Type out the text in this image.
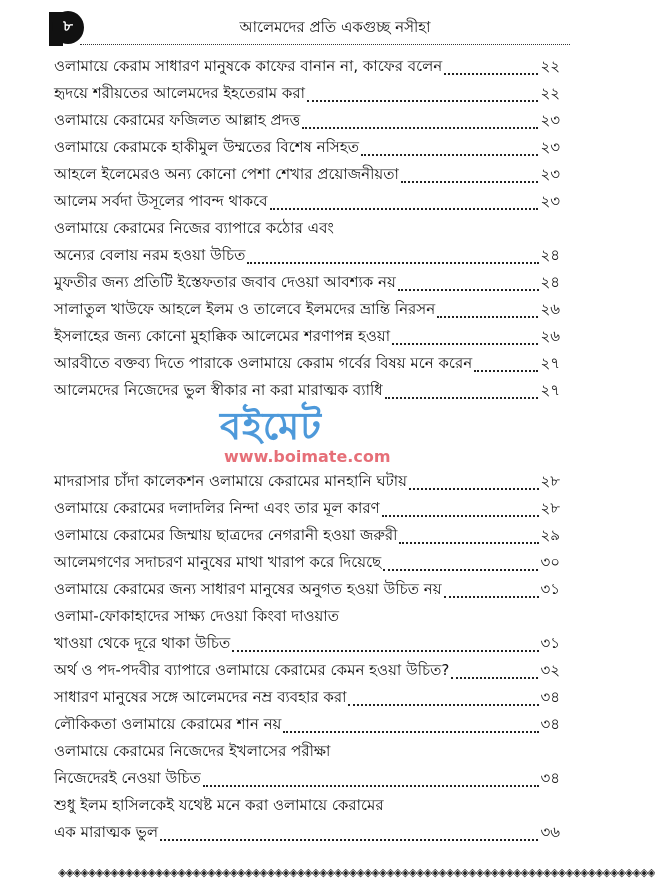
৮	আলেমদের প্রতি একগুচ্ছ নসীহা
ওলামায়ে কেরাম সাধারণ মানুষকে কাফের বানান না, কাফের বলেন	২২
হৃদয়ে শরীয়তের আলেমদের ইহতেরাম করা	২২
ওলামায়ে কেরামের ফজিলত আল্লাহ প্রদত্ত	২৩
ওলামায়ে কেরামকে হাকীমুল উম্মতের বিশেষ নসিহত	২৩
আহলে ইলেমেরও অন্য কোনো পেশা শেখার প্রয়োজনীয়তা	২৩
আলেম সর্বদা উসূলের পাবন্দ থাকবে	২৩
ওলামায়ে কেরামের নিজের ব্যাপারে কঠোর এবং
অন্যের বেলায় নরম হওয়া উচিত	২৪
মুফতীর জন্য প্রতিটি ইস্তেফতার জবাব দেওয়া আবশ্যক নয়	২৪
সালাতুল খাউফে আহলে ইলম ও তালেবে ইলমদের ভ্রান্তি নিরসন	২৬
ইসলাহের জন্য কোনো মুহাক্কিক আলেমের শরণাপন্ন হওয়া	২৬
আরবীতে বক্তব্য দিতে পারাকে ওলামায়ে কেরাম গর্বের বিষয় মনে করেন	২৭
আলেমদের নিজেদের ভুল স্বীকার না করা মারাত্মক ব্যাধি	২৭
বইমেট
www.boimate.com
মাদরাসার চাঁদা কালেকশন ওলামায়ে কেরামের মানহানি ঘটায়	২৮
ওলামায়ে কেরামের দলাদলির নিন্দা এবং তার মূল কারণ	২৮
ওলামায়ে কেরামের জিম্মায় ছাত্রদের নেগরানী হওয়া জরুরী	২৯
আলেমগণের সদাচরণ মানুষের মাথা খারাপ করে দিয়েছে	৩০
ওলামায়ে কেরামের জন্য সাধারণ মানুষের অনুগত হওয়া উচিত নয়	৩১
ওলামা-ফোকাহাদের সাক্ষ্য দেওয়া কিংবা দাওয়াত
খাওয়া থেকে দূরে থাকা উচিত	৩১
অর্থ ও পদ-পদবীর ব্যাপারে ওলামায়ে কেরামের কেমন হওয়া উচিত?	৩২
সাধারণ মানুষের সঙ্গে আলেমদের নম্র ব্যবহার করা	৩৪
লৌকিকতা ওলামায়ে কেরামের শান নয়	৩৪
ওলামায়ে কেরামের নিজেদের ইখলাসের পরীক্ষা
নিজেদেরই নেওয়া উচিত	৩৪
শুধু ইলম হাসিলকেই যথেষ্ট মনে করা ওলামায়ে কেরামের
এক মারাত্মক ভুল	৩৬
◈◈◈◈◈◈◈◈◈◈◈◈◈◈◈◈◈◈◈◈◈◈◈◈◈◈◈◈◈◈◈◈◈◈◈◈◈◈◈◈◈◈◈◈◈◈◈◈◈◈◈◈◈◈◈◈◈◈◈◈◈◈◈◈◈◈◈◈◈◈◈◈◈◈◈◈◈◈◈◈
